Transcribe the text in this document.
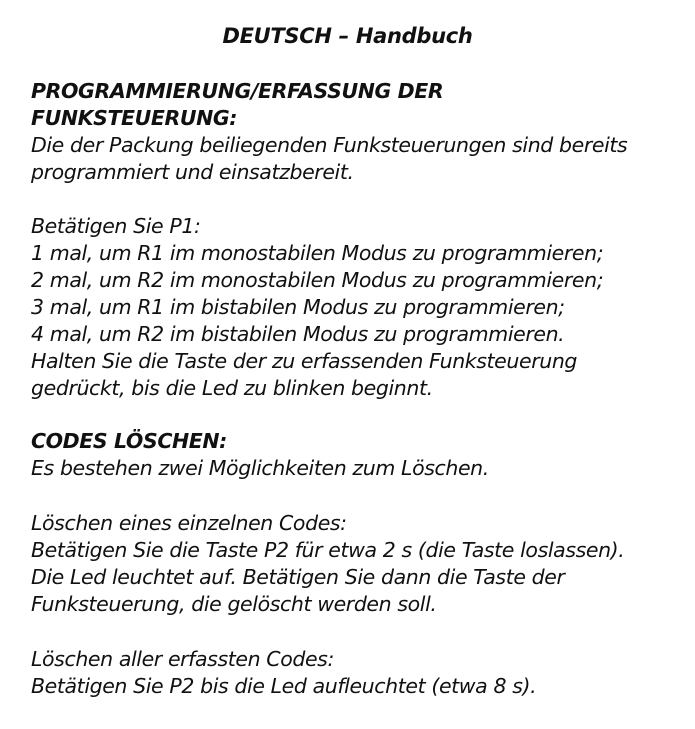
DEUTSCH – Handbuch
PROGRAMMIERUNG/ERFASSUNG DER
FUNKSTEUERUNG:
Die der Packung beiliegenden Funksteuerungen sind bereits
programmiert und einsatzbereit.
Betätigen Sie P1:
1 mal, um R1 im monostabilen Modus zu programmieren;
2 mal, um R2 im monostabilen Modus zu programmieren;
3 mal, um R1 im bistabilen Modus zu programmieren;
4 mal, um R2 im bistabilen Modus zu programmieren.
Halten Sie die Taste der zu erfassenden Funksteuerung
gedrückt, bis die Led zu blinken beginnt.
CODES LÖSCHEN:
Es bestehen zwei Möglichkeiten zum Löschen.
Löschen eines einzelnen Codes:
Betätigen Sie die Taste P2 für etwa 2 s (die Taste loslassen).
Die Led leuchtet auf. Betätigen Sie dann die Taste der
Funksteuerung, die gelöscht werden soll.
Löschen aller erfassten Codes:
Betätigen Sie P2 bis die Led aufleuchtet (etwa 8 s).
